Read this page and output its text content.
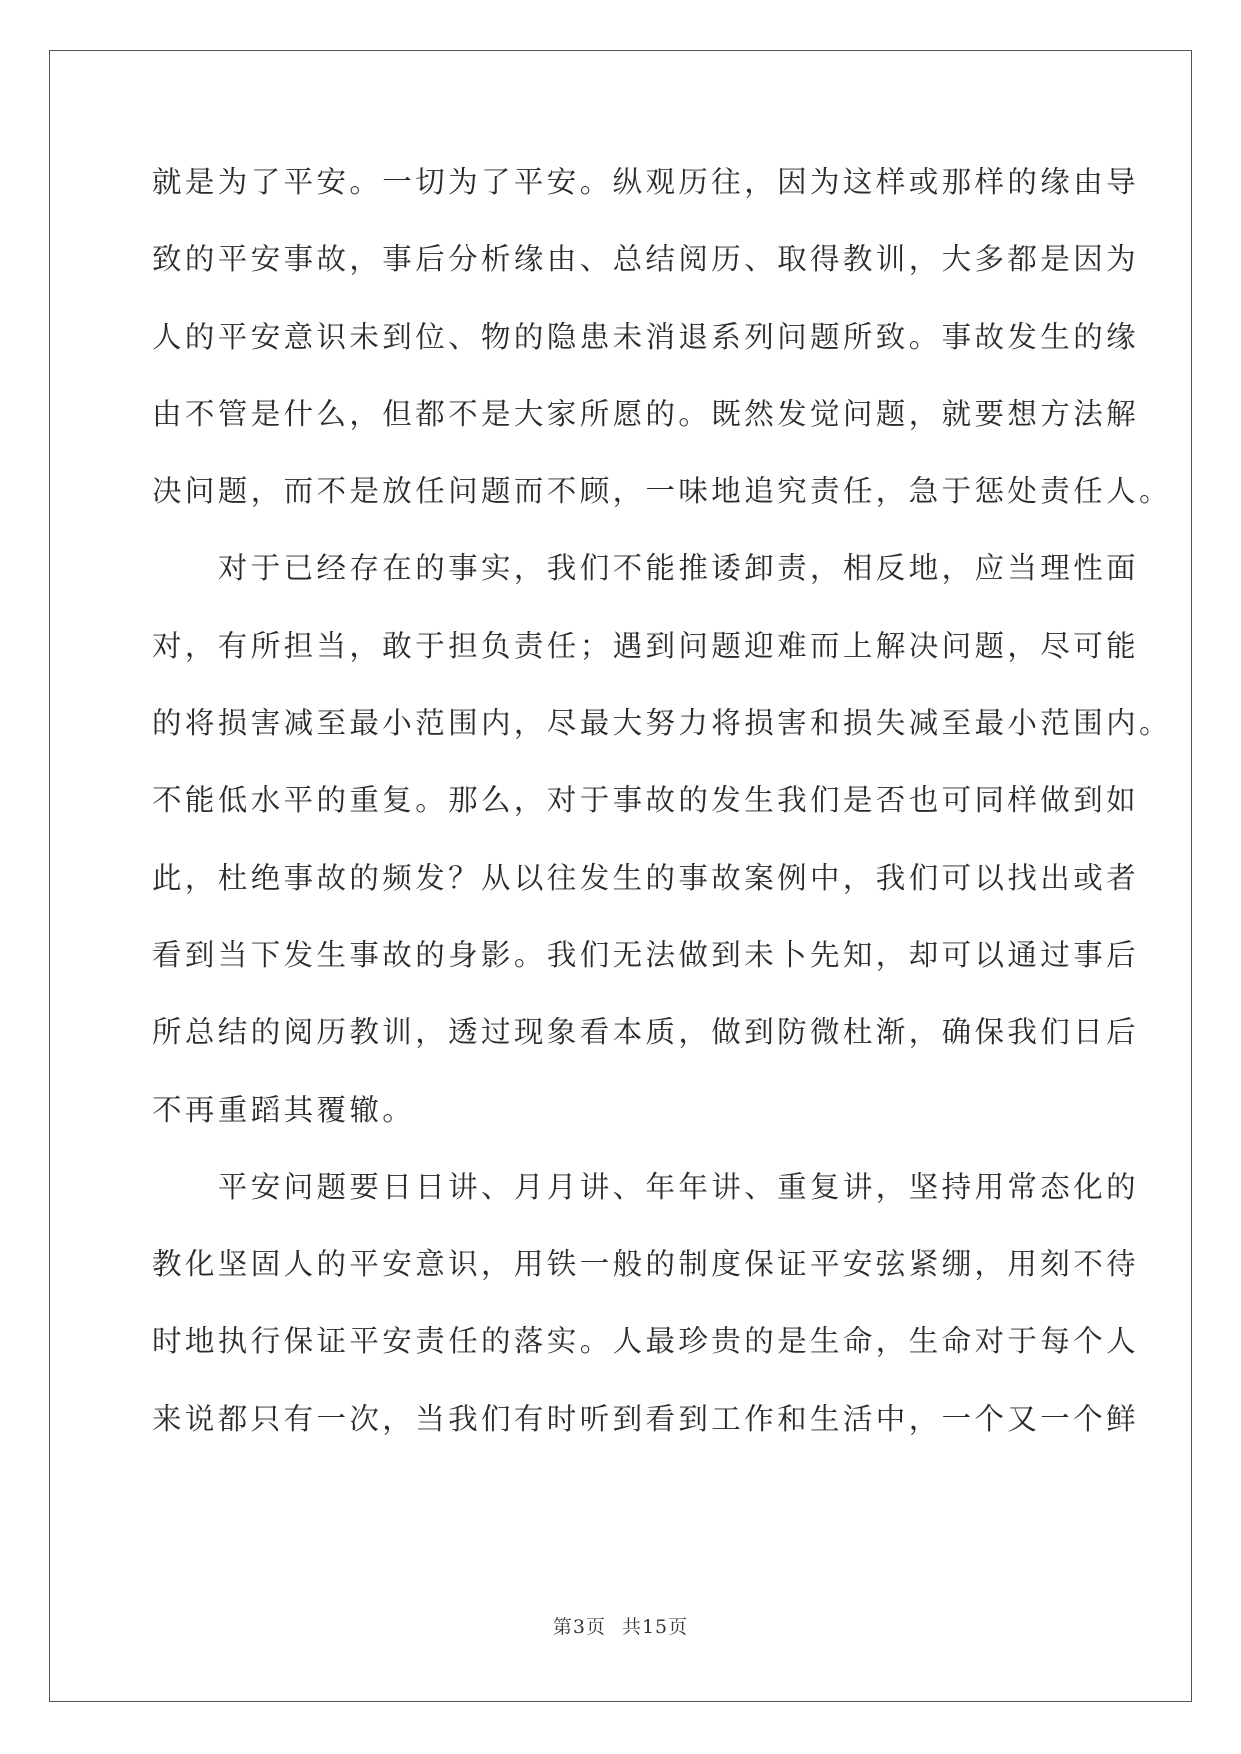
就是为了平安。一切为了平安。纵观历往，因为这样或那样的缘由导
致的平安事故，事后分析缘由、总结阅历、取得教训，大多都是因为
人的平安意识未到位、物的隐患未消退系列问题所致。事故发生的缘
由不管是什么，但都不是大家所愿的。既然发觉问题，就要想方法解
决问题，而不是放任问题而不顾，一味地追究责任，急于惩处责任人。
　　对于已经存在的事实，我们不能推诿卸责，相反地，应当理性面
对，有所担当，敢于担负责任；遇到问题迎难而上解决问题，尽可能
的将损害减至最小范围内，尽最大努力将损害和损失减至最小范围内。
不能低水平的重复。那么，对于事故的发生我们是否也可同样做到如
此，杜绝事故的频发？从以往发生的事故案例中，我们可以找出或者
看到当下发生事故的身影。我们无法做到未卜先知，却可以通过事后
所总结的阅历教训，透过现象看本质，做到防微杜渐，确保我们日后
不再重蹈其覆辙。
　　平安问题要日日讲、月月讲、年年讲、重复讲，坚持用常态化的
教化坚固人的平安意识，用铁一般的制度保证平安弦紧绷，用刻不待
时地执行保证平安责任的落实。人最珍贵的是生命，生命对于每个人
来说都只有一次，当我们有时听到看到工作和生活中，一个又一个鲜
第3页 共15页
